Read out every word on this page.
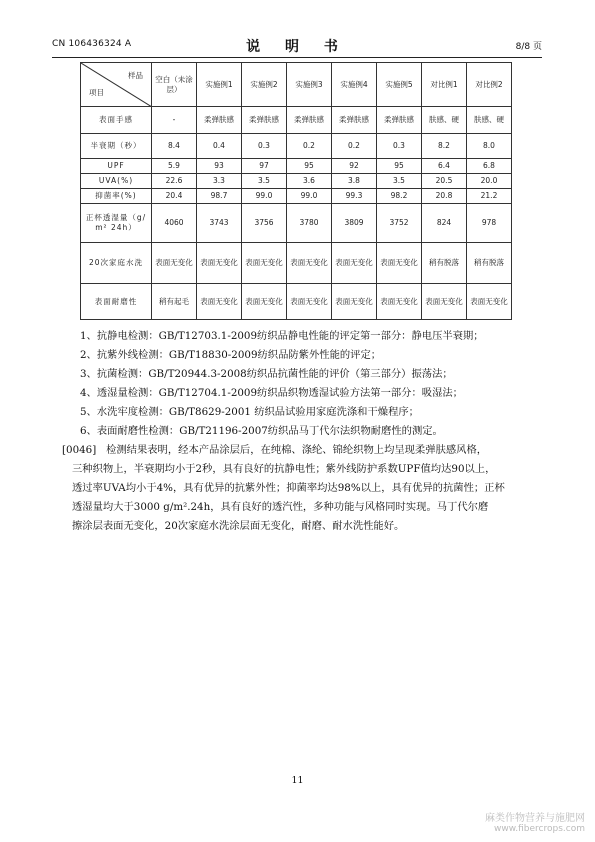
CN 106436324 A	说 明 书	8/8 页
样品
项目	空白（未涂层）	实施例1	实施例2	实施例3	实施例4	实施例5	对比例1	对比例2
表面手感	-	柔弹肤感	柔弹肤感	柔弹肤感	柔弹肤感	柔弹肤感	肤感、硬	肤感、硬
半衰期（秒）	8.4	0.4	0.3	0.2	0.2	0.3	8.2	8.0
UPF	5.9	93	97	95	92	95	6.4	6.8
UVA(%)	22.6	3.3	3.5	3.6	3.8	3.5	20.5	20.0
抑菌率(%)	20.4	98.7	99.0	99.0	99.3	98.2	20.8	21.2
正杯透湿量（g/m² 24h）	4060	3743	3756	3780	3809	3752	824	978
20次家庭水洗	表面无变化	表面无变化	表面无变化	表面无变化	表面无变化	表面无变化	稍有脱落	稍有脱落
表面耐磨性	稍有起毛	表面无变化	表面无变化	表面无变化	表面无变化	表面无变化	表面无变化	表面无变化
1、抗静电检测：GB/T12703.1-2009纺织品静电性能的评定第一部分：静电压半衰期；
2、抗紫外线检测：GB/T18830-2009纺织品防紫外性能的评定；
3、抗菌检测：GB/T20944.3-2008纺织品抗菌性能的评价（第三部分）振荡法；
4、透湿量检测：GB/T12704.1-2009纺织品织物透湿试验方法第一部分：吸湿法；
5、水洗牢度检测：GB/T8629-2001 纺织品试验用家庭洗涤和干燥程序；
6、表面耐磨性检测：GB/T21196-2007纺织品马丁代尔法织物耐磨性的测定。
[0046] 检测结果表明，经本产品涂层后，在纯棉、涤纶、锦纶织物上均呈现柔弹肤感风格，
三种织物上，半衰期均小于2秒，具有良好的抗静电性；紫外线防护系数UPF值均达90以上，
透过率UVA均小于4%，具有优异的抗紫外性；抑菌率均达98%以上，具有优异的抗菌性；正杯
透湿量均大于3000 g/m².24h，具有良好的透汽性，多种功能与风格同时实现。马丁代尔磨
擦涂层表面无变化，20次家庭水洗涂层面无变化，耐磨、耐水洗性能好。
11
麻类作物营养与施肥网
www.fibercrops.com
